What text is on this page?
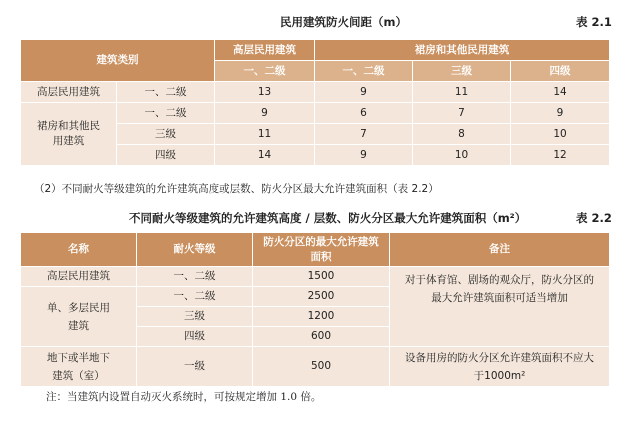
民用建筑防火间距（m）	表 2.1
建筑类别		高层民用建筑	裙房和其他民用建筑		
		一、二级	一、二级	三级	四级
高层民用建筑	一、二级	13	9	11	14
裙房和其他民用建筑	一、二级	9	6	7	9
	三级	11	7	8	10
	四级	14	9	10	12
（2）不同耐火等级建筑的允许建筑高度或层数、防火分区最大允许建筑面积（表 2.2）
不同耐火等级建筑的允许建筑高度 / 层数、防火分区最大允许建筑面积（m²）	表 2.2
名称	耐火等级	防火分区的最大允许建筑面积	备注
高层民用建筑	一、二级	1500	对于体育馆、剧场的观众厅，防火分区的最大允许建筑面积可适当增加
单、多层民用建筑	一、二级	2500	
	三级	1200	
	四级	600	
地下或半地下建筑（室）	一级	500	设备用房的防火分区允许建筑面积不应大于1000m²
注：当建筑内设置自动灭火系统时，可按规定增加 1.0 倍。
